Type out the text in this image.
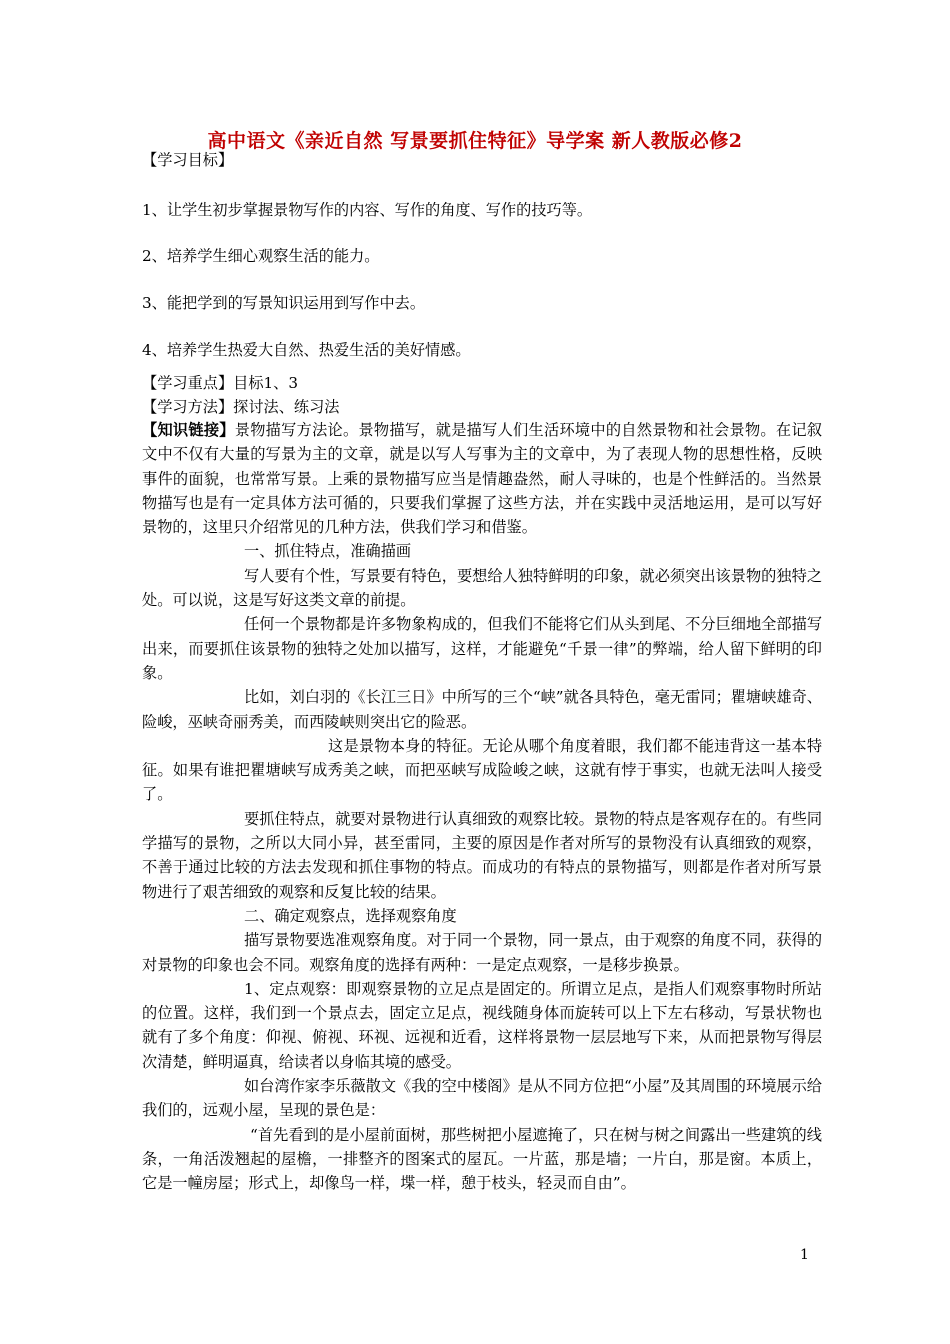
高中语文《亲近自然 写景要抓住特征》导学案 新人教版必修2
【学习目标】
1、让学生初步掌握景物写作的内容、写作的角度、写作的技巧等。
2、培养学生细心观察生活的能力。
3、能把学到的写景知识运用到写作中去。
4、培养学生热爱大自然、热爱生活的美好情感。
【学习重点】目标1、3
【学习方法】探讨法、练习法

【知识链接】景物描写方法论。景物描写，就是描写人们生活环境中的自然景物和社会景物。在记叙文中不仅有大量的写景为主的文章，就是以写人写事为主的文章中，为了表现人物的思想性格，反映事件的面貌，也常常写景。上乘的景物描写应当是情趣盎然，耐人寻味的，也是个性鲜活的。当然景物描写也是有一定具体方法可循的，只要我们掌握了这些方法，并在实践中灵活地运用，是可以写好景物的，这里只介绍常见的几种方法，供我们学习和借鉴。

一、抓住特点，准确描画

写人要有个性，写景要有特色，要想给人独特鲜明的印象，就必须突出该景物的独特之处。可以说，这是写好这类文章的前提。

任何一个景物都是许多物象构成的，但我们不能将它们从头到尾、不分巨细地全部描写出来，而要抓住该景物的独特之处加以描写，这样，才能避免“千景一律”的弊端，给人留下鲜明的印象。

比如，刘白羽的《长江三日》中所写的三个“峡”就各具特色，毫无雷同；瞿塘峡雄奇、险峻，巫峡奇丽秀美，而西陵峡则突出它的险恶。

这是景物本身的特征。无论从哪个角度着眼，我们都不能违背这一基本特征。如果有谁把瞿塘峡写成秀美之峡，而把巫峡写成险峻之峡，这就有悖于事实，也就无法叫人接受了。

要抓住特点，就要对景物进行认真细致的观察比较。景物的特点是客观存在的。有些同学描写的景物，之所以大同小异，甚至雷同，主要的原因是作者对所写的景物没有认真细致的观察，不善于通过比较的方法去发现和抓住事物的特点。而成功的有特点的景物描写，则都是作者对所写景物进行了艰苦细致的观察和反复比较的结果。

二、确定观察点，选择观察角度

描写景物要选准观察角度。对于同一个景物，同一景点，由于观察的角度不同，获得的对景物的印象也会不同。观察角度的选择有两种：一是定点观察，一是移步换景。

1、定点观察：即观察景物的立足点是固定的。所谓立足点，是指人们观察事物时所站的位置。这样，我们到一个景点去，固定立足点，视线随身体而旋转可以上下左右移动，写景状物也就有了多个角度：仰视、俯视、环视、远视和近看，这样将景物一层层地写下来，从而把景物写得层次清楚，鲜明逼真，给读者以身临其境的感受。

如台湾作家李乐薇散文《我的空中楼阁》是从不同方位把“小屋”及其周围的环境展示给我们的，远观小屋，呈现的景色是：

“首先看到的是小屋前面树，那些树把小屋遮掩了，只在树与树之间露出一些建筑的线条，一角活泼翘起的屋檐，一排整齐的图案式的屋瓦。一片蓝，那是墙；一片白，那是窗。本质上，它是一幢房屋；形式上，却像鸟一样，堞一样，憩于枝头，轻灵而自由”。

1
